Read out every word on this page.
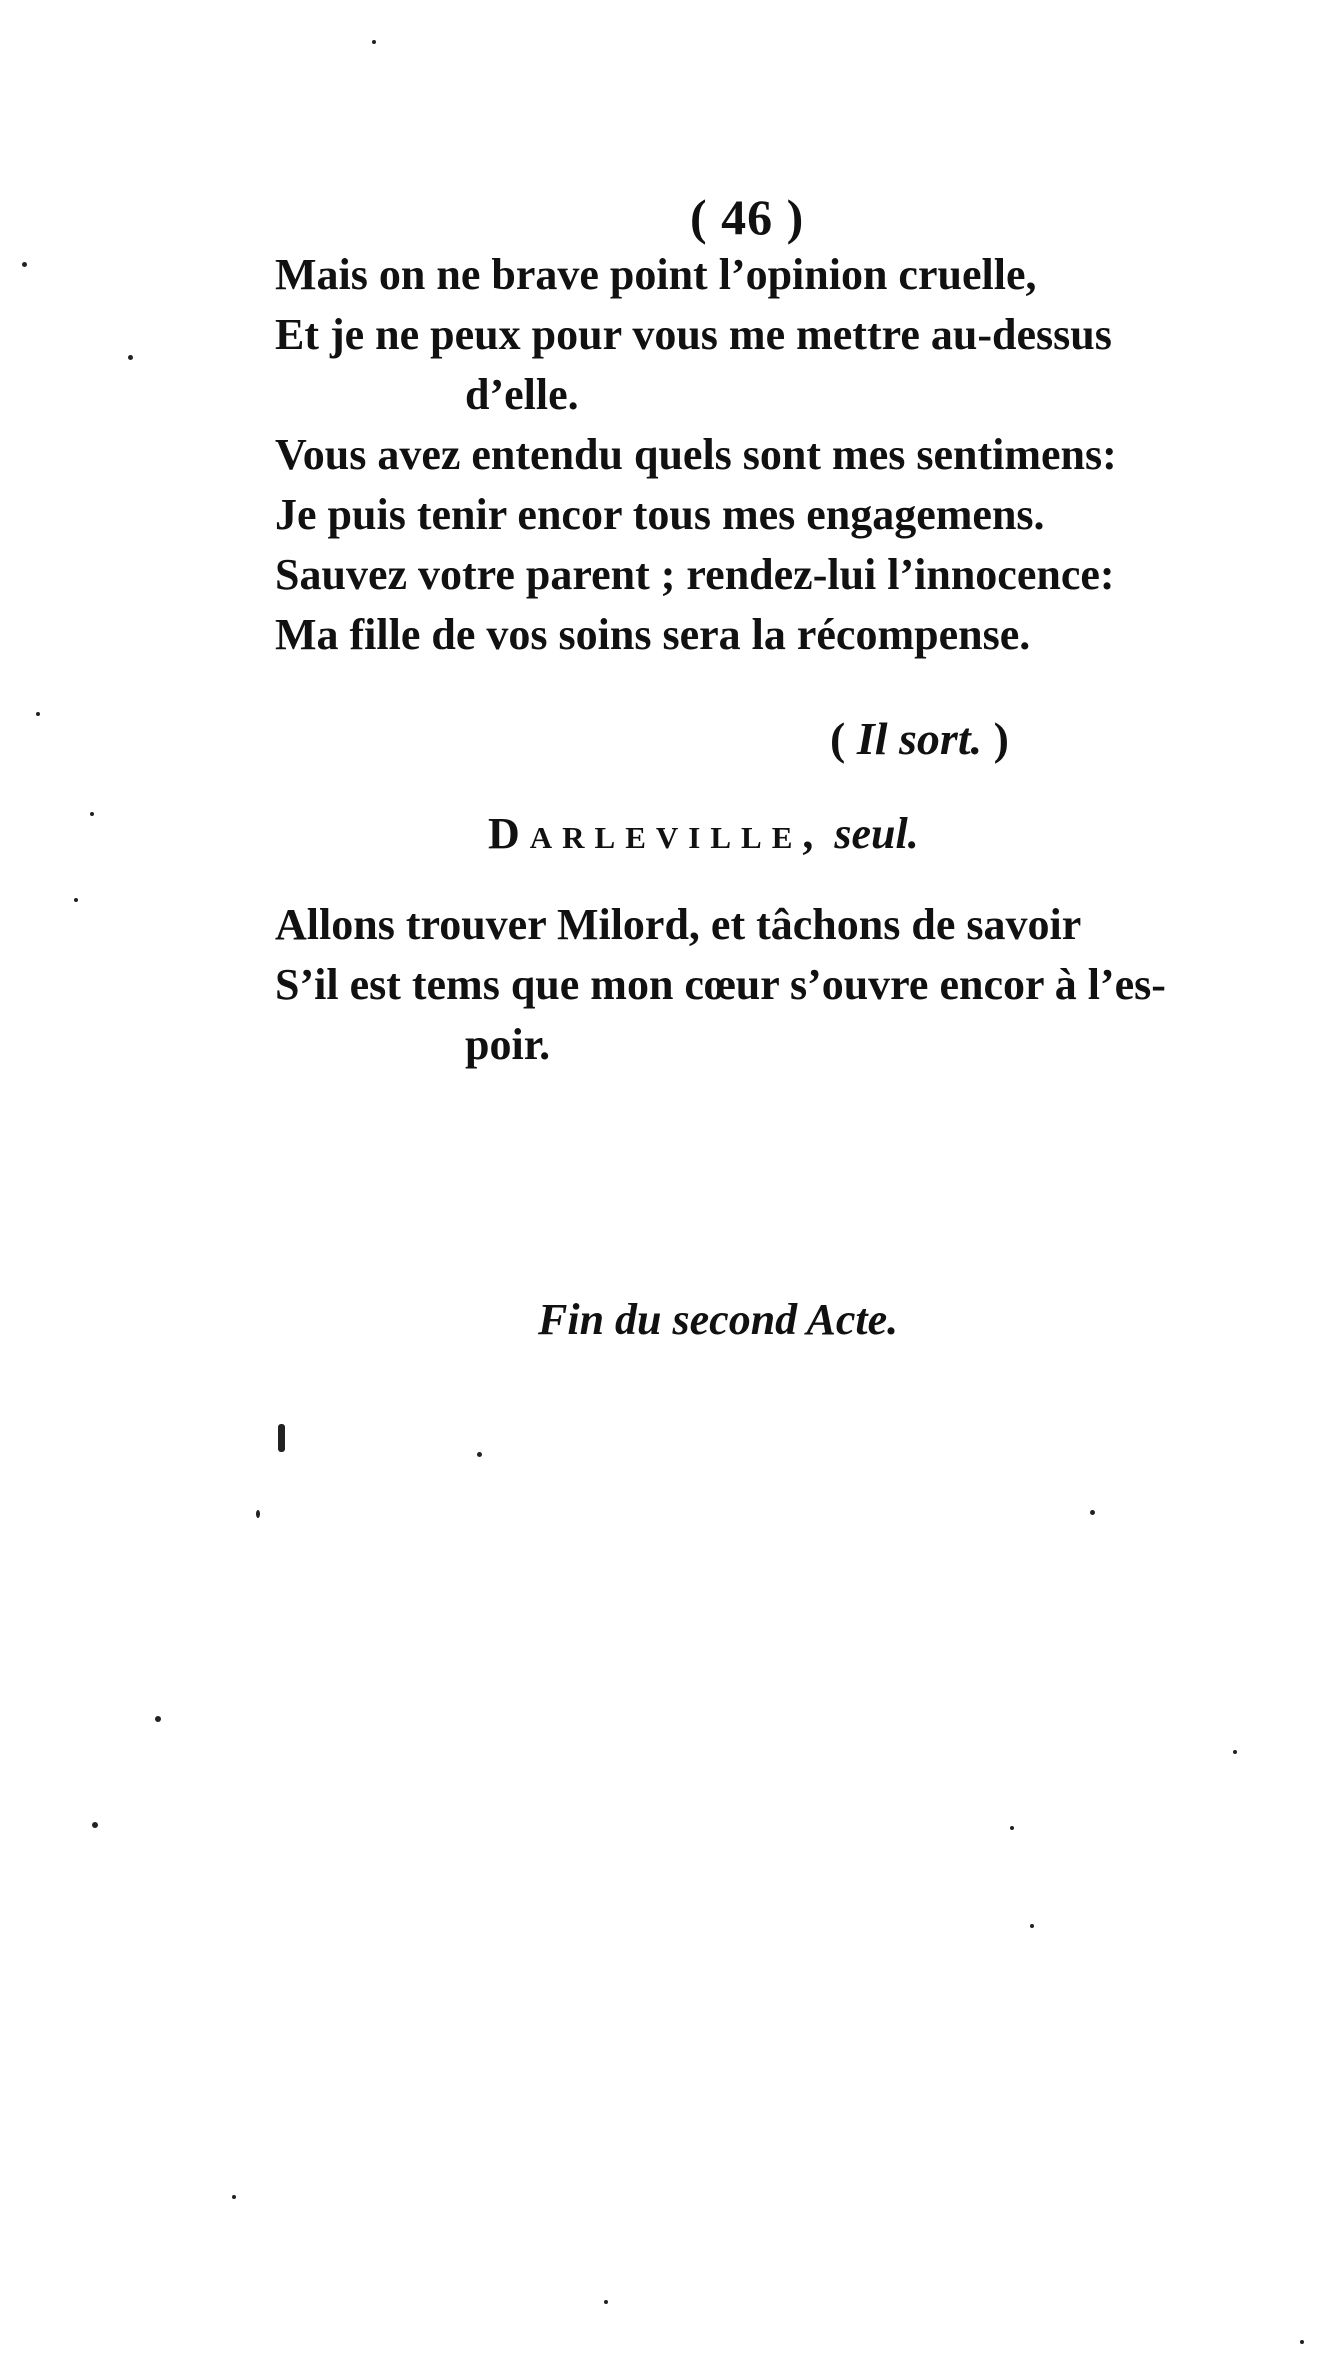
( 46 )
Mais on ne brave point l’opinion cruelle,
Et je ne peux pour vous me mettre au-dessus
d’elle.
Vous avez entendu quels sont mes sentimens:
Je puis tenir encor tous mes engagemens.
Sauvez votre parent ; rendez-lui l’innocence:
Ma fille de vos soins sera la récompense.
( Il sort. )
Darleville, seul.
Allons trouver Milord, et tâchons de savoir
S’il est tems que mon cœur s’ouvre encor à l’es-
poir.
Fin du second Acte.
